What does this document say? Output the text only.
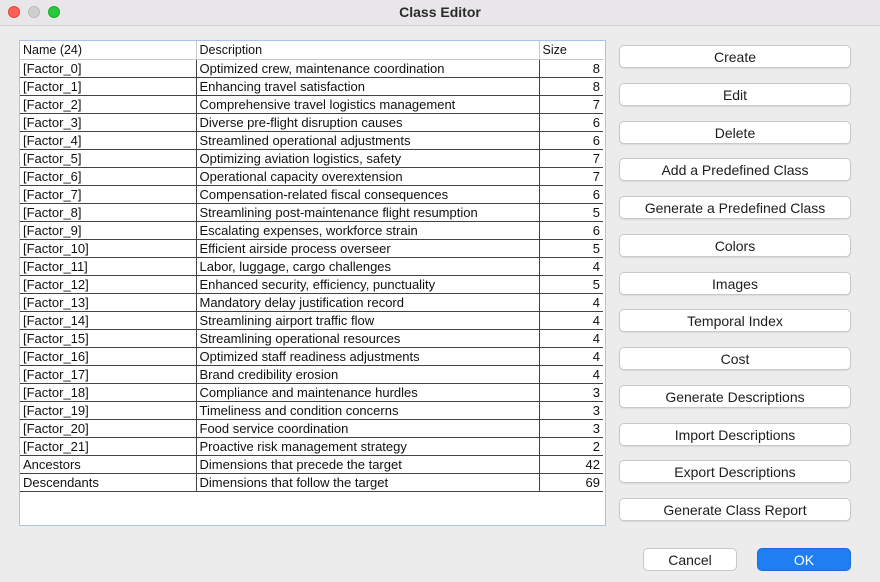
Class Editor
Name (24)	Description	Size
[Factor_0]	Optimized crew, maintenance coordination	8
[Factor_1]	Enhancing travel satisfaction	8
[Factor_2]	Comprehensive travel logistics management	7
[Factor_3]	Diverse pre-flight disruption causes	6
[Factor_4]	Streamlined operational adjustments	6
[Factor_5]	Optimizing aviation logistics, safety	7
[Factor_6]	Operational capacity overextension	7
[Factor_7]	Compensation-related fiscal consequences	6
[Factor_8]	Streamlining post-maintenance flight resumption	5
[Factor_9]	Escalating expenses, workforce strain	6
[Factor_10]	Efficient airside process overseer	5
[Factor_11]	Labor, luggage, cargo challenges	4
[Factor_12]	Enhanced security, efficiency, punctuality	5
[Factor_13]	Mandatory delay justification record	4
[Factor_14]	Streamlining airport traffic flow	4
[Factor_15]	Streamlining operational resources	4
[Factor_16]	Optimized staff readiness adjustments	4
[Factor_17]	Brand credibility erosion	4
[Factor_18]	Compliance and maintenance hurdles	3
[Factor_19]	Timeliness and condition concerns	3
[Factor_20]	Food service coordination	3
[Factor_21]	Proactive risk management strategy	2
Ancestors	Dimensions that precede the target	42
Descendants	Dimensions that follow the target	69
Create
Edit
Delete
Add a Predefined Class
Generate a Predefined Class
Colors
Images
Temporal Index
Cost
Generate Descriptions
Import Descriptions
Export Descriptions
Generate Class Report
Cancel	OK
